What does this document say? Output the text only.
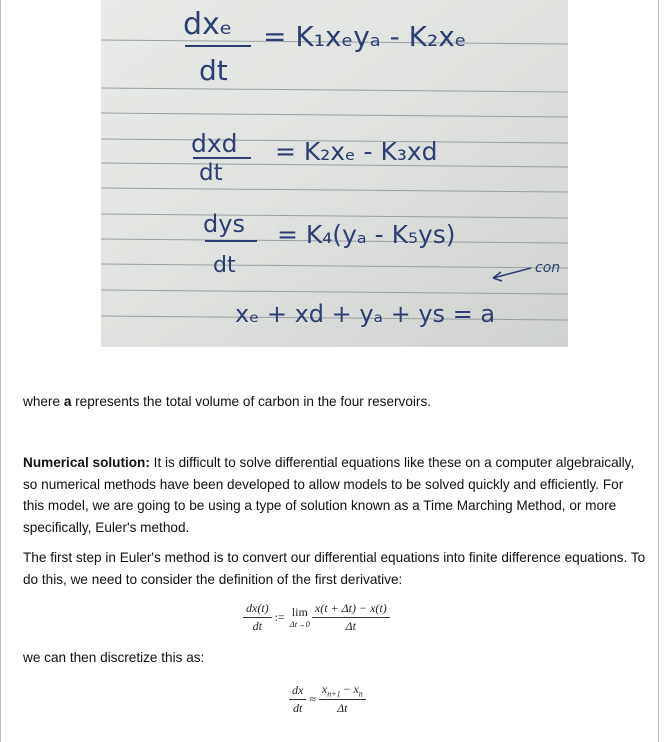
dxₑ
dt
= K₁xₑyₐ - K₂xₑ
dxd
dt
= K₂xₑ - K₃xd
dys
dt
= K₄(yₐ - K₅ys)
con
xₑ + xd + yₐ + ys = a
where a represents the total volume of carbon in the four reservoirs.
Numerical solution: It is difficult to solve differential equations like these on a computer algebraically, so numerical methods have been developed to allow models to be solved quickly and efficiently. For this model, we are going to be using a type of solution known as a Time Marching Method, or more specifically, Euler's method.
The first step in Euler's method is to convert our differential equations into finite difference equations. To do this, we need to consider the definition of the first derivative:
$\frac{dx(t)}{dt}$ := lim
$\Delta t\to 0 \frac{x(t + \Delta t) - x(t)}{\Delta t}$
we can then discretize this as:
$\frac{dx}{dt} \approx \frac{x_{n+1} - x_n}{\Delta t}$
